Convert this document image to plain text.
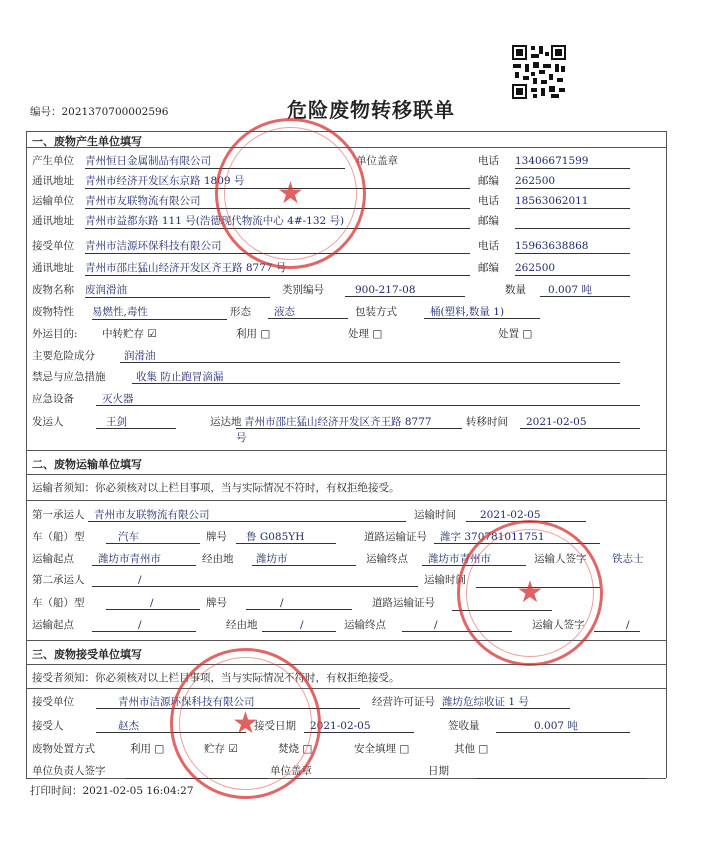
编号：2021370700002596	危险废物转移联单
一、废物产生单位填写
产生单位 青州恒日金属制品有限公司	单位盖章	电话 13406671599
通讯地址 青州市经济开发区东京路 1809 号	邮编 262500
运输单位 青州市友联物流有限公司	电话 18563062011
通讯地址 青州市益都东路 111 号(浩德现代物流中心 4#-132 号)	邮编
接受单位 青州市洁源环保科技有限公司	电话 15963638868
通讯地址 青州市邵庄猛山经济开发区齐王路 8777 号	邮编 262500
废物名称 废润滑油	类别编号	900-217-08	数量	0.007 吨
废物特性 易燃性,毒性	形态	液态	包装方式	桶(塑料,数量 1)
外运目的: 中转贮存 ☑	利用 □	处理 □	处置 □
主要危险成分	润滑油
禁忌与应急措施	收集 防止跑冒滴漏
应急设备	灭火器
发运人	王剑	运达地 青州市邵庄猛山经济开发区齐王路 8777
号
转移时间	2021-02-05
二、废物运输单位填写
运输者须知：你必须核对以上栏目事项，当与实际情况不符时，有权拒绝接受。
第一承运人 青州市友联物流有限公司	运输时间	2021-02-05
车（船）型	汽车	牌号	鲁 G085YH	道路运输证号	潍字 370781011751
运输起点	潍坊市青州市	经由地	潍坊市	运输终点	潍坊市青州市	运输人签字 铁志士
第二承运人	/	运输时间
车（船）型	/	牌号	/	道路运输证号
运输起点	/	经由地	/	运输终点	/	运输人签字	/
三、废物接受单位填写
接受者须知：你必须核对以上栏目事项，当与实际情况不符时，有权拒绝接受。
接受单位	青州市洁源环保科技有限公司	经营许可证号 潍坊危综收证 1 号
接受人	赵杰	接受日期	2021-02-05	签收量	0.007 吨
废物处置方式	利用 □	贮存 ☑	焚烧 □	安全填埋 □	其他 □
单位负责人签字	单位盖章	日期
打印时间：2021-02-05 16:04:27
★
★
★
